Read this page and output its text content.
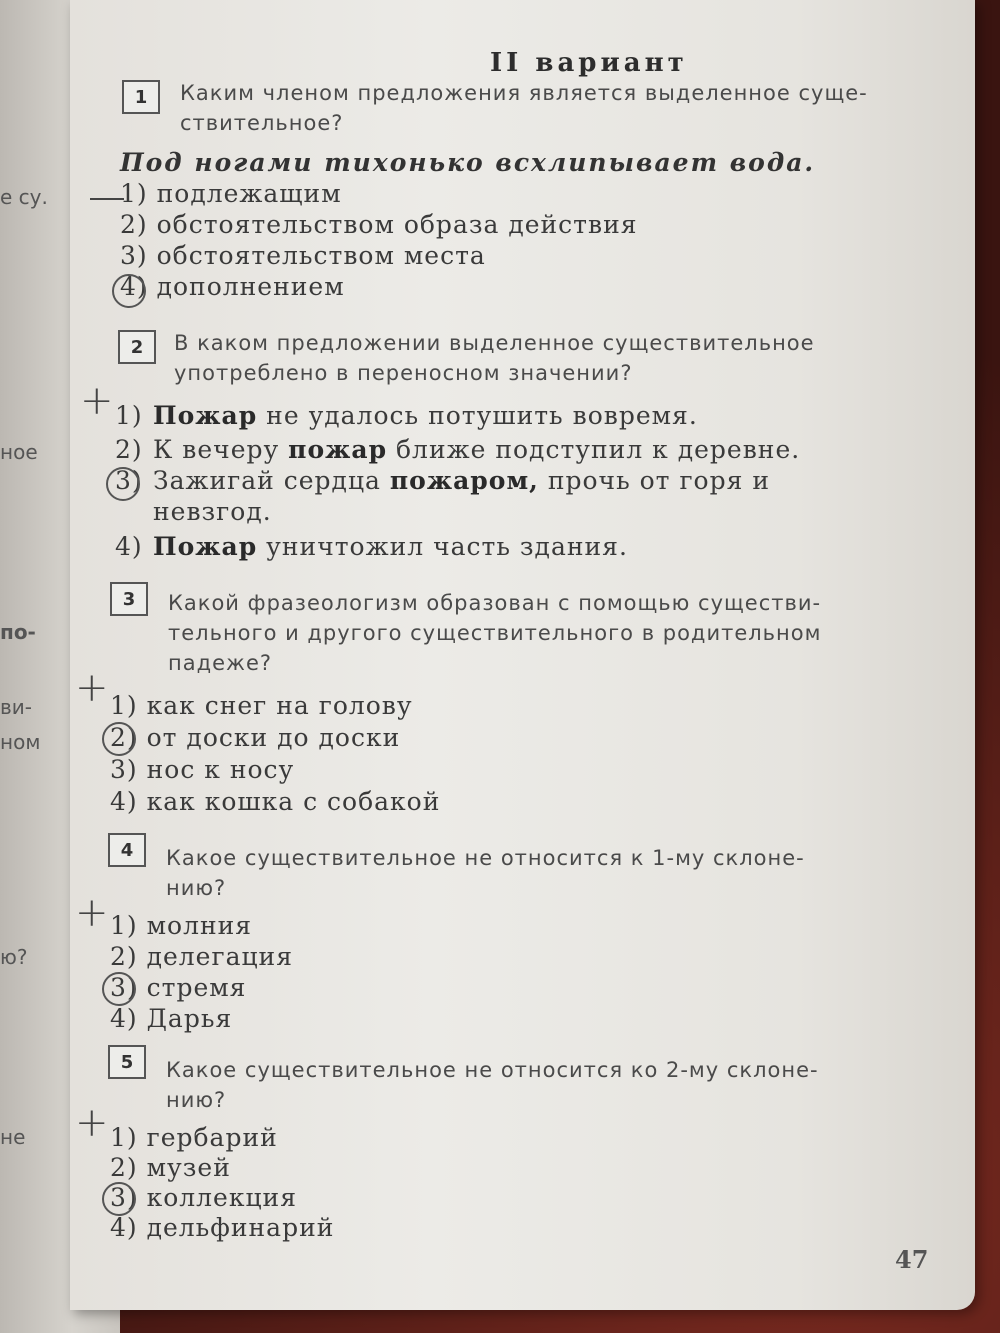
е су.
ное
по-
ви-
ном
ю?
не
II вариант
1	Каким членом предложения является выделенное суще-
ствительное?
Под ногами тихонько всхлипывает вода.
1) подлежащим
2) обстоятельством образа действия
3) обстоятельством места
4) дополнением
2	В каком предложении выделенное существительное
употреблено в переносном значении?
+ 1) Пожар не удалось потушить вовремя.
2) К вечеру пожар ближе подступил к деревне.
3) Зажигай сердца пожаром, прочь от горя и
невзгод.
4) Пожар уничтожил часть здания.
3	Какой фразеологизм образован с помощью существи-
тельного и другого существительного в родительном
падеже?
+ 1) как снег на голову
2) от доски до доски
3) нос к носу
4) как кошка с собакой
4	Какое существительное не относится к 1-му склоне-
нию?
+ 1) молния
2) делегация
3) стремя
4) Дарья
5	Какое существительное не относится ко 2-му склоне-
нию?
+ 1) гербарий
2) музей
3) коллекция
4) дельфинарий
47
